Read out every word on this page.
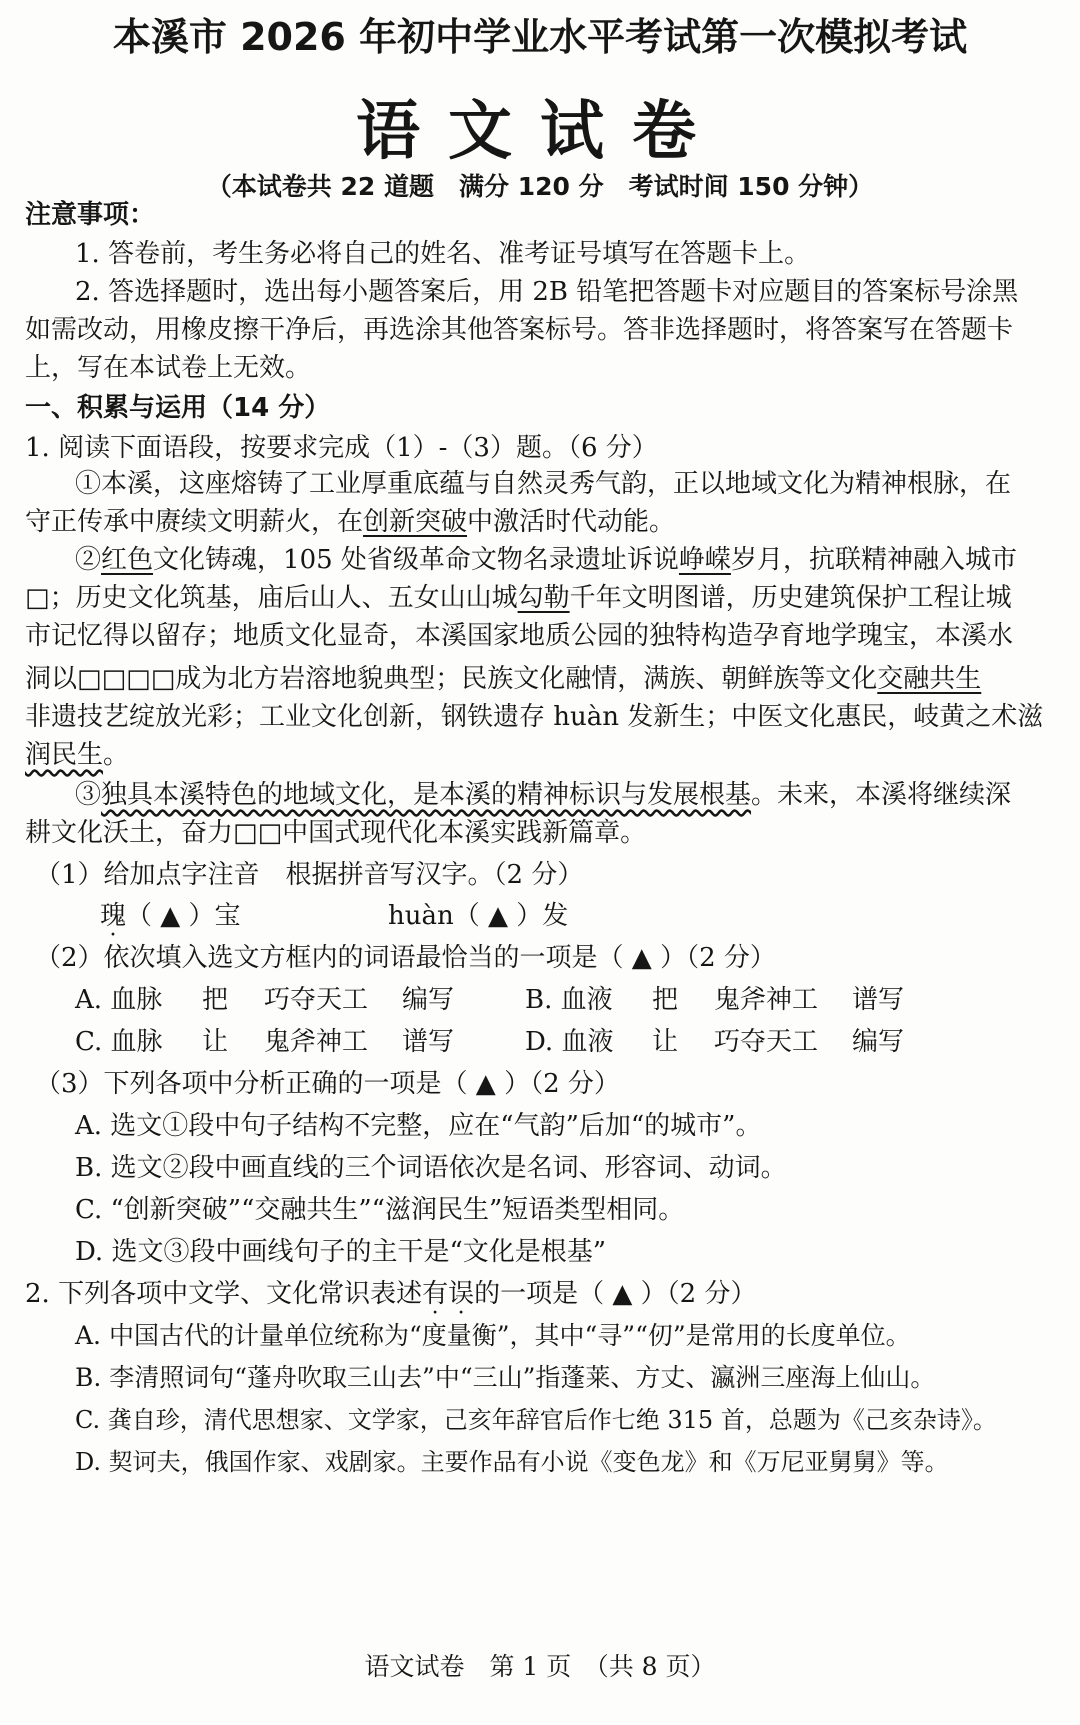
本溪市 2026 年初中学业水平考试第一次模拟考试
语文试卷
（本试卷共 22 道题　满分 120 分　考试时间 150 分钟）
注意事项：
1. 答卷前，考生务必将自己的姓名、准考证号填写在答题卡上。
2. 答选择题时，选出每小题答案后，用 2B 铅笔把答题卡对应题目的答案标号涂黑
如需改动，用橡皮擦干净后，再选涂其他答案标号。答非选择题时，将答案写在答题卡
上，写在本试卷上无效。
一、积累与运用（14 分）
1. 阅读下面语段，按要求完成（1）-（3）题。（6 分）
①本溪，这座熔铸了工业厚重底蕴与自然灵秀气韵，正以地域文化为精神根脉，在
守正传承中赓续文明薪火，在创新突破中激活时代动能。
②红色文化铸魂，105 处省级革命文物名录遗址诉说峥嵘岁月，抗联精神融入城市
□；历史文化筑基，庙后山人、五女山山城勾勒千年文明图谱，历史建筑保护工程让城
市记忆得以留存；地质文化显奇，本溪国家地质公园的独特构造孕育地学瑰宝，本溪水
洞以□□□□成为北方岩溶地貌典型；民族文化融情，满族、朝鲜族等文化交融共生
非遗技艺绽放光彩；工业文化创新，钢铁遗存 huàn 发新生；中医文化惠民，岐黄之术滋
润民生。
③独具本溪特色的地域文化，是本溪的精神标识与发展根基。未来，本溪将继续深
耕文化沃土，奋力□□中国式现代化本溪实践新篇章。
（1）给加点字注音　根据拼音写汉字。（2 分）
瑰（ ▲ ）宝	huàn（ ▲ ）发
（2）依次填入选文方框内的词语最恰当的一项是（ ▲ ）（2 分）
A. 血脉 把 巧夺天工 编写	B. 血液 把 鬼斧神工 谱写
C. 血脉 让 鬼斧神工 谱写	D. 血液 让 巧夺天工 编写
（3）下列各项中分析正确的一项是（ ▲ ）（2 分）
A. 选文①段中句子结构不完整，应在“气韵”后加“的城市”。
B. 选文②段中画直线的三个词语依次是名词、形容词、动词。
C. “创新突破”“交融共生”“滋润民生”短语类型相同。
D. 选文③段中画线句子的主干是“文化是根基”
2. 下列各项中文学、文化常识表述有误的一项是（ ▲ ）（2 分）
A. 中国古代的计量单位统称为“度量衡”，其中“寻”“仞”是常用的长度单位。
B. 李清照词句“蓬舟吹取三山去”中“三山”指蓬莱、方丈、瀛洲三座海上仙山。
C. 龚自珍，清代思想家、文学家，己亥年辞官后作七绝 315 首，总题为《己亥杂诗》。
D. 契诃夫，俄国作家、戏剧家。主要作品有小说《变色龙》和《万尼亚舅舅》等。
语文试卷　第 1 页　（共 8 页）
